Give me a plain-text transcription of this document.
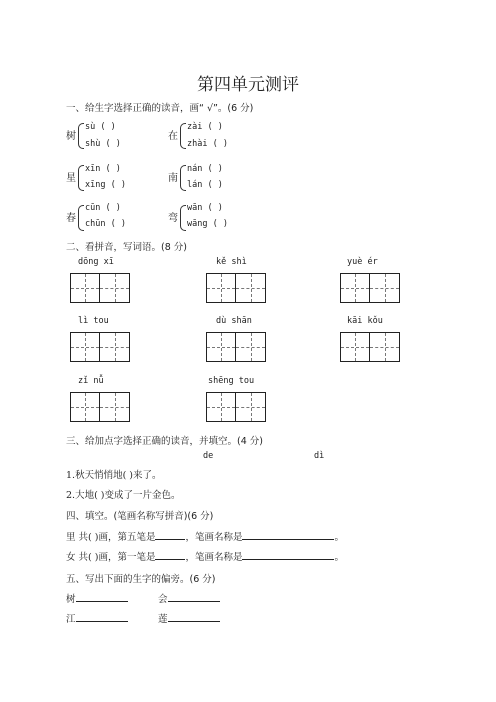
第四单元测评
一、给生字选择正确的读音，画“ √”。(6 分)
树
sù ( )
shù ( )
在
zài ( )
zhài ( )
星
xīn ( )
xīng ( )
南
nán ( )
lán ( )
春
cūn ( )
chūn ( )	弯
wān ( )
wāng ( )
二、看拼音，写词语。(8 分)
dōng xī	kě shì	yuè ér
lì tou	dù shān	kāi kǒu
zǐ nǚ	shēng tou
三、给加点字选择正确的读音，并填空。(4 分)
de	dì
1.秋天悄悄地( )来了。
2.大地( )变成了一片金色。
四、填空。(笔画名称写拼音)(6 分)
里 共( )画，第五笔是	，笔画名称是	。
女 共( )画，第一笔是	，笔画名称是	。
五、写出下面的生字的偏旁。(6 分)
树	会
江	莲
